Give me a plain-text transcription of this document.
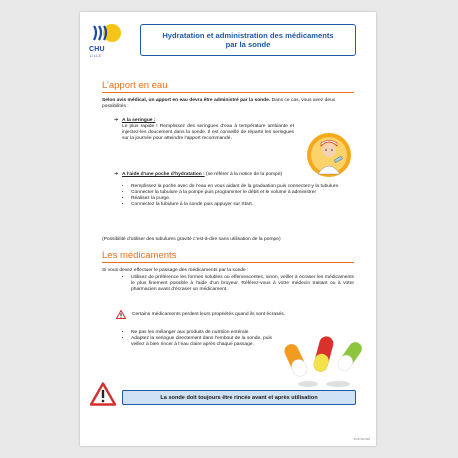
CHU
LILLE
Hydratation et administration des médicaments
par la sonde
L’apport en eau
Selon avis médical, un apport en eau devra être administré par la sonde. Dans ce cas, vous avez deux possibilités :
➔ A la seringue :
Le plus rapide ! Remplissez des seringues d’eau à température ambiante et injectez-les doucement dans la sonde. Il est conseillé de répartir les seringues sur la journée pour atteindre l’apport recommandé.
➔ A l’aide d’une poche d’hydratation : (se référer à la notice de la pompe)
• Remplissez la poche avec de l’eau en vous aidant de la graduation puis connectez-y la tubulure.
• Connecter la tubulure à la pompe puis programmer le débit et le volume à administrer
• Réalisez la purge.
• Connectez la tubulure à la sonde puis appuyer sur Start.
(Possibilité d’utiliser des tubulures gravité c’est-à-dire sans utilisation de la pompe)
Les médicaments
Si vous devez effectuer le passage des médicaments par la sonde :
• Utilisez de préférence les formes solubles ou effervescentes, sinon, veiller à écraser les médicaments le plus finement possible à l’aide d’un broyeur. Référez-vous à votre médecin traitant ou à votre pharmacien avant d’écraser un médicament.
Certains médicaments perdent leurs propriétés quand ils sont écrasés.
• Ne pas les mélanger aux produits de nutrition entérale
• Adaptez la seringue directement dans l’embout de la sonde, puis veillez à bien rincer à l’eau claire après chaque passage.
La sonde doit toujours être rincée avant et après utilisation
IN-STO2 004
